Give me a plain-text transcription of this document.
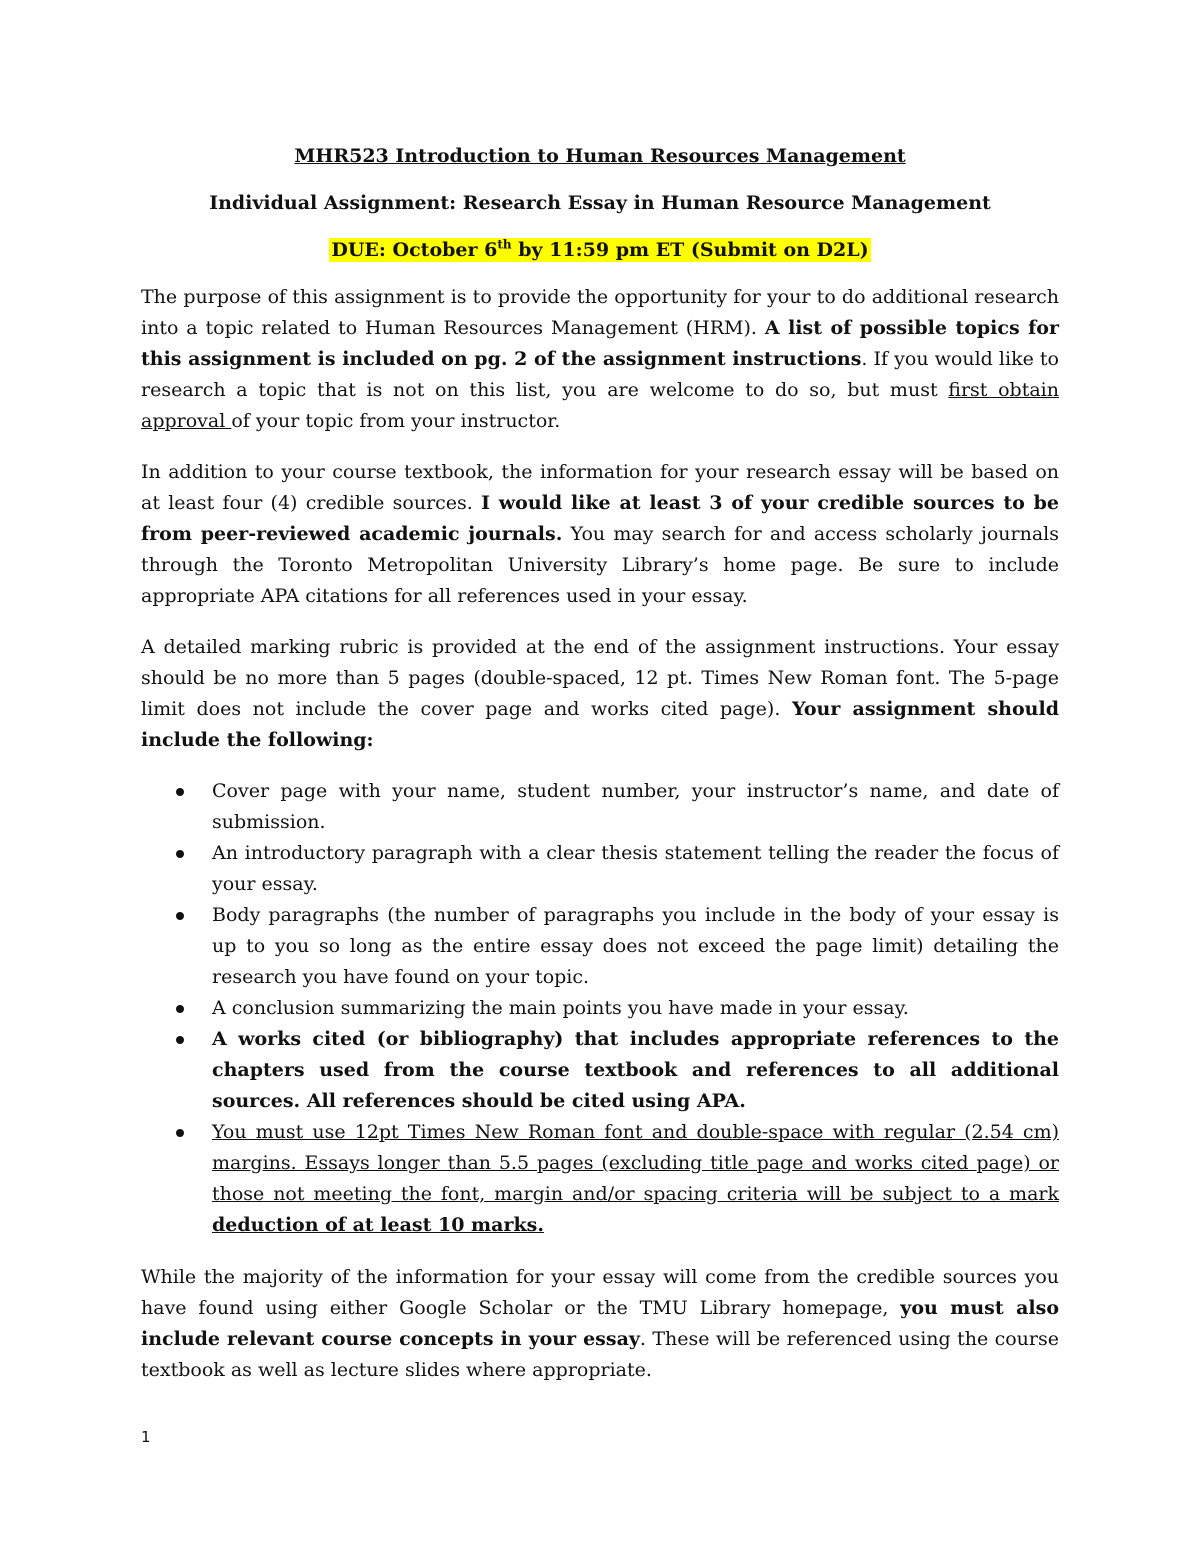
MHR523 Introduction to Human Resources Management
Individual Assignment: Research Essay in Human Resource Management
DUE: October 6th by 11:59 pm ET (Submit on D2L)

The purpose of this assignment is to provide the opportunity for your to do additional research into a topic related to Human Resources Management (HRM). A list of possible topics for this assignment is included on pg. 2 of the assignment instructions. If you would like to research a topic that is not on this list, you are welcome to do so, but must first obtain approval of your topic from your instructor.

In addition to your course textbook, the information for your research essay will be based on at least four (4) credible sources. I would like at least 3 of your credible sources to be from peer-reviewed academic journals. You may search for and access scholarly journals through the Toronto Metropolitan University Library’s home page. Be sure to include appropriate APA citations for all references used in your essay.

A detailed marking rubric is provided at the end of the assignment instructions. Your essay should be no more than 5 pages (double-spaced, 12 pt. Times New Roman font. The 5-page limit does not include the cover page and works cited page). Your assignment should include the following:

Cover page with your name, student number, your instructor’s name, and date of submission.
An introductory paragraph with a clear thesis statement telling the reader the focus of your essay.
Body paragraphs (the number of paragraphs you include in the body of your essay is up to you so long as the entire essay does not exceed the page limit) detailing the research you have found on your topic.
A conclusion summarizing the main points you have made in your essay.
A works cited (or bibliography) that includes appropriate references to the chapters used from the course textbook and references to all additional sources. All references should be cited using APA.
You must use 12pt Times New Roman font and double-space with regular (2.54 cm) margins. Essays longer than 5.5 pages (excluding title page and works cited page) or those not meeting the font, margin and/or spacing criteria will be subject to a mark deduction of at least 10 marks.

While the majority of the information for your essay will come from the credible sources you have found using either Google Scholar or the TMU Library homepage, you must also include relevant course concepts in your essay. These will be referenced using the course textbook as well as lecture slides where appropriate.

1
